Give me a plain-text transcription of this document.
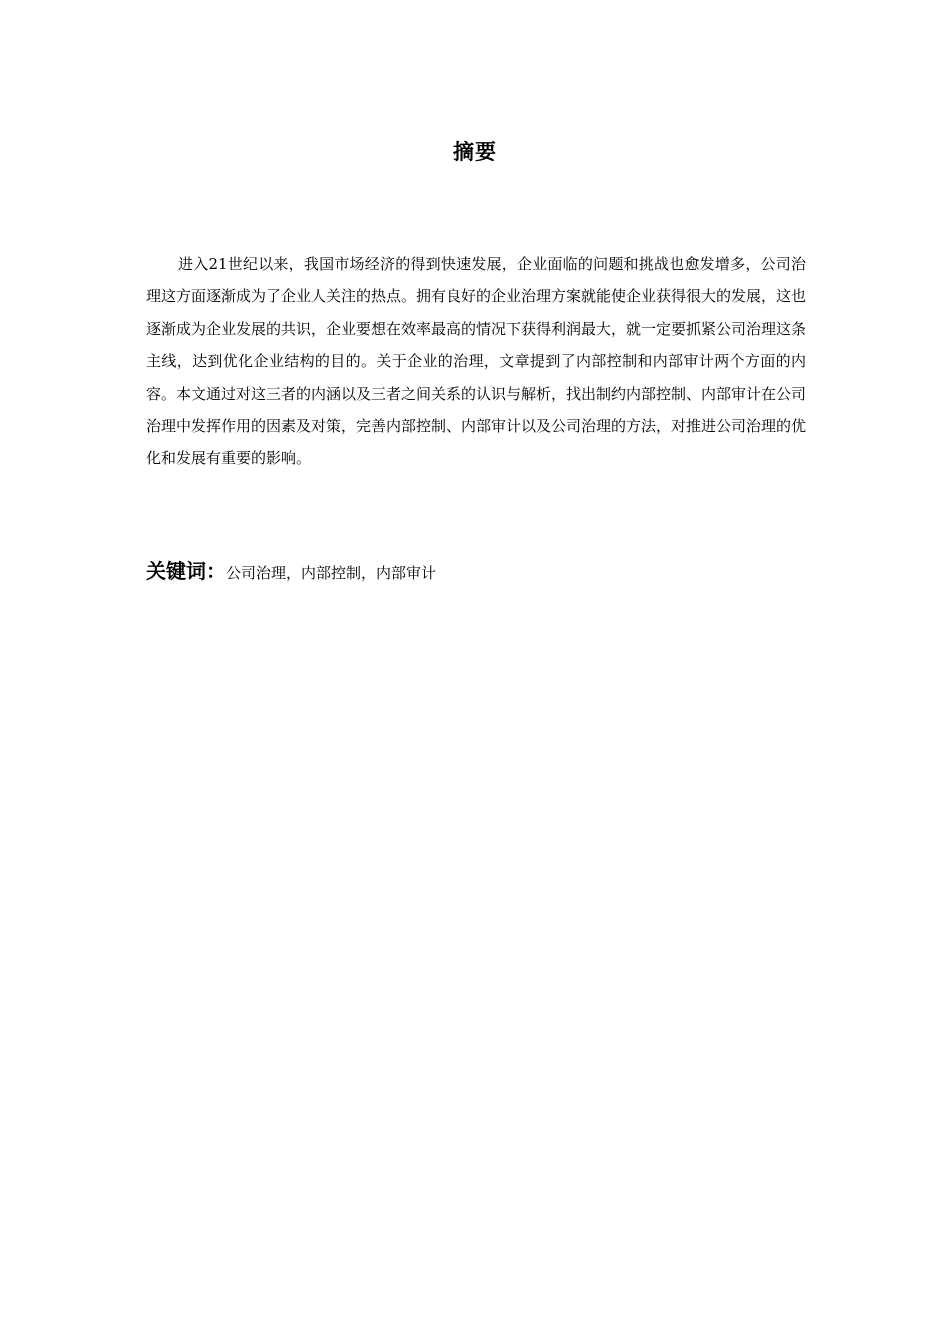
摘要

进入21世纪以来，我国市场经济的得到快速发展，企业面临的问题和挑战也愈发增多，公司治理这方面逐渐成为了企业人关注的热点。拥有良好的企业治理方案就能使企业获得很大的发展，这也逐渐成为企业发展的共识，企业要想在效率最高的情况下获得利润最大，就一定要抓紧公司治理这条主线，达到优化企业结构的目的。关于企业的治理，文章提到了内部控制和内部审计两个方面的内容。本文通过对这三者的内涵以及三者之间关系的认识与解析，找出制约内部控制、内部审计在公司治理中发挥作用的因素及对策，完善内部控制、内部审计以及公司治理的方法，对推进公司治理的优化和发展有重要的影响。

关键词：公司治理，内部控制，内部审计
